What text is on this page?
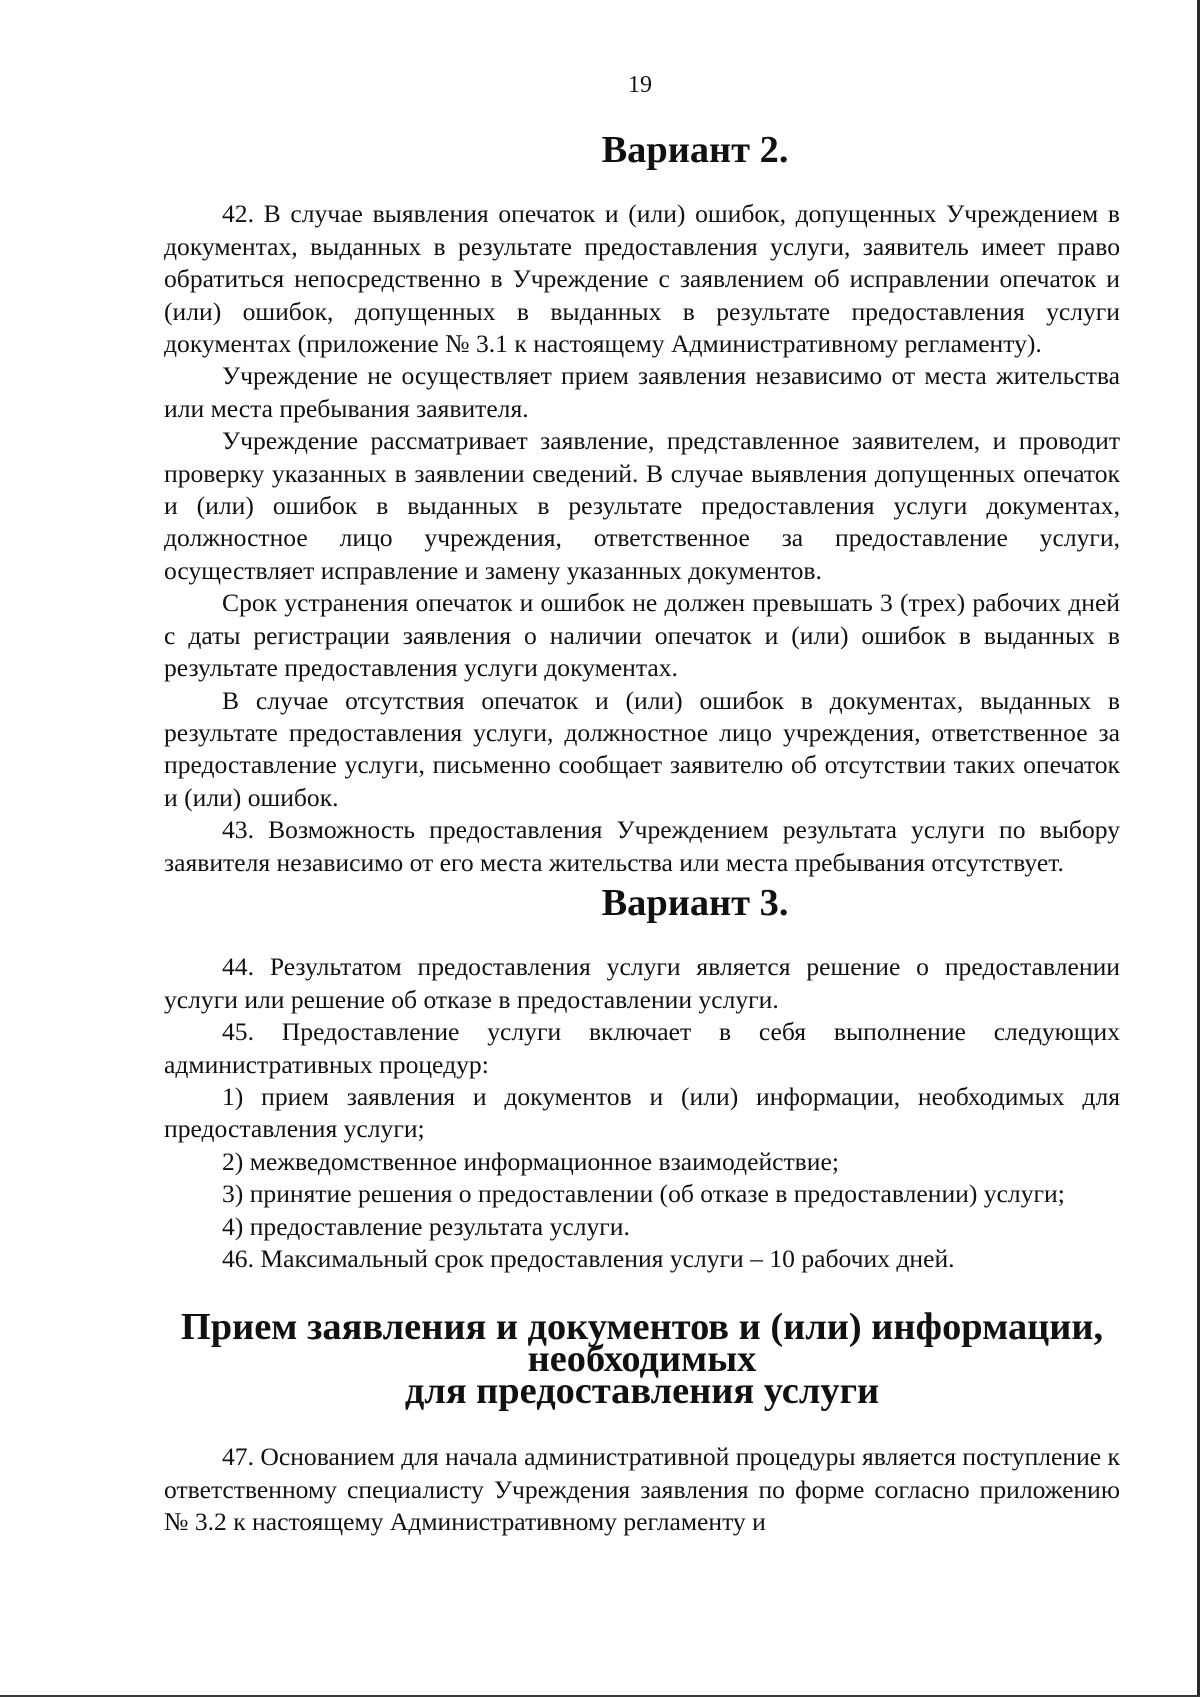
19
Вариант 2.

42. В случае выявления опечаток и (или) ошибок, допущенных Учреждением в документах, выданных в результате предоставления услуги, заявитель имеет право обратиться непосредственно в Учреждение с заявлением об исправлении опечаток и (или) ошибок, допущенных в выданных в результате предоставления услуги документах (приложение № 3.1 к настоящему Административному регламенту).

Учреждение не осуществляет прием заявления независимо от места жительства или места пребывания заявителя.

Учреждение рассматривает заявление, представленное заявителем, и проводит проверку указанных в заявлении сведений. В случае выявления допущенных опечаток и (или) ошибок в выданных в результате предоставления услуги документах, должностное лицо учреждения, ответственное за предоставление услуги, осуществляет исправление и замену указанных документов.

Срок устранения опечаток и ошибок не должен превышать 3 (трех) рабочих дней с даты регистрации заявления о наличии опечаток и (или) ошибок в выданных в результате предоставления услуги документах.

В случае отсутствия опечаток и (или) ошибок в документах, выданных в результате предоставления услуги, должностное лицо учреждения, ответственное за предоставление услуги, письменно сообщает заявителю об отсутствии таких опечаток и (или) ошибок.

43. Возможность предоставления Учреждением результата услуги по выбору заявителя независимо от его места жительства или места пребывания отсутствует.

Вариант 3.

44. Результатом предоставления услуги является решение о предоставлении услуги или решение об отказе в предоставлении услуги.

45. Предоставление услуги включает в себя выполнение следующих административных процедур:

1) прием заявления и документов и (или) информации, необходимых для предоставления услуги;

2) межведомственное информационное взаимодействие;

3) принятие решения о предоставлении (об отказе в предоставлении) услуги;

4) предоставление результата услуги.

46. Максимальный срок предоставления услуги – 10 рабочих дней.

Прием заявления и документов и (или) информации, необходимых
для предоставления услуги

47. Основанием для начала административной процедуры является поступление к ответственному специалисту Учреждения заявления по форме согласно приложению № 3.2 к настоящему Административному регламенту и
